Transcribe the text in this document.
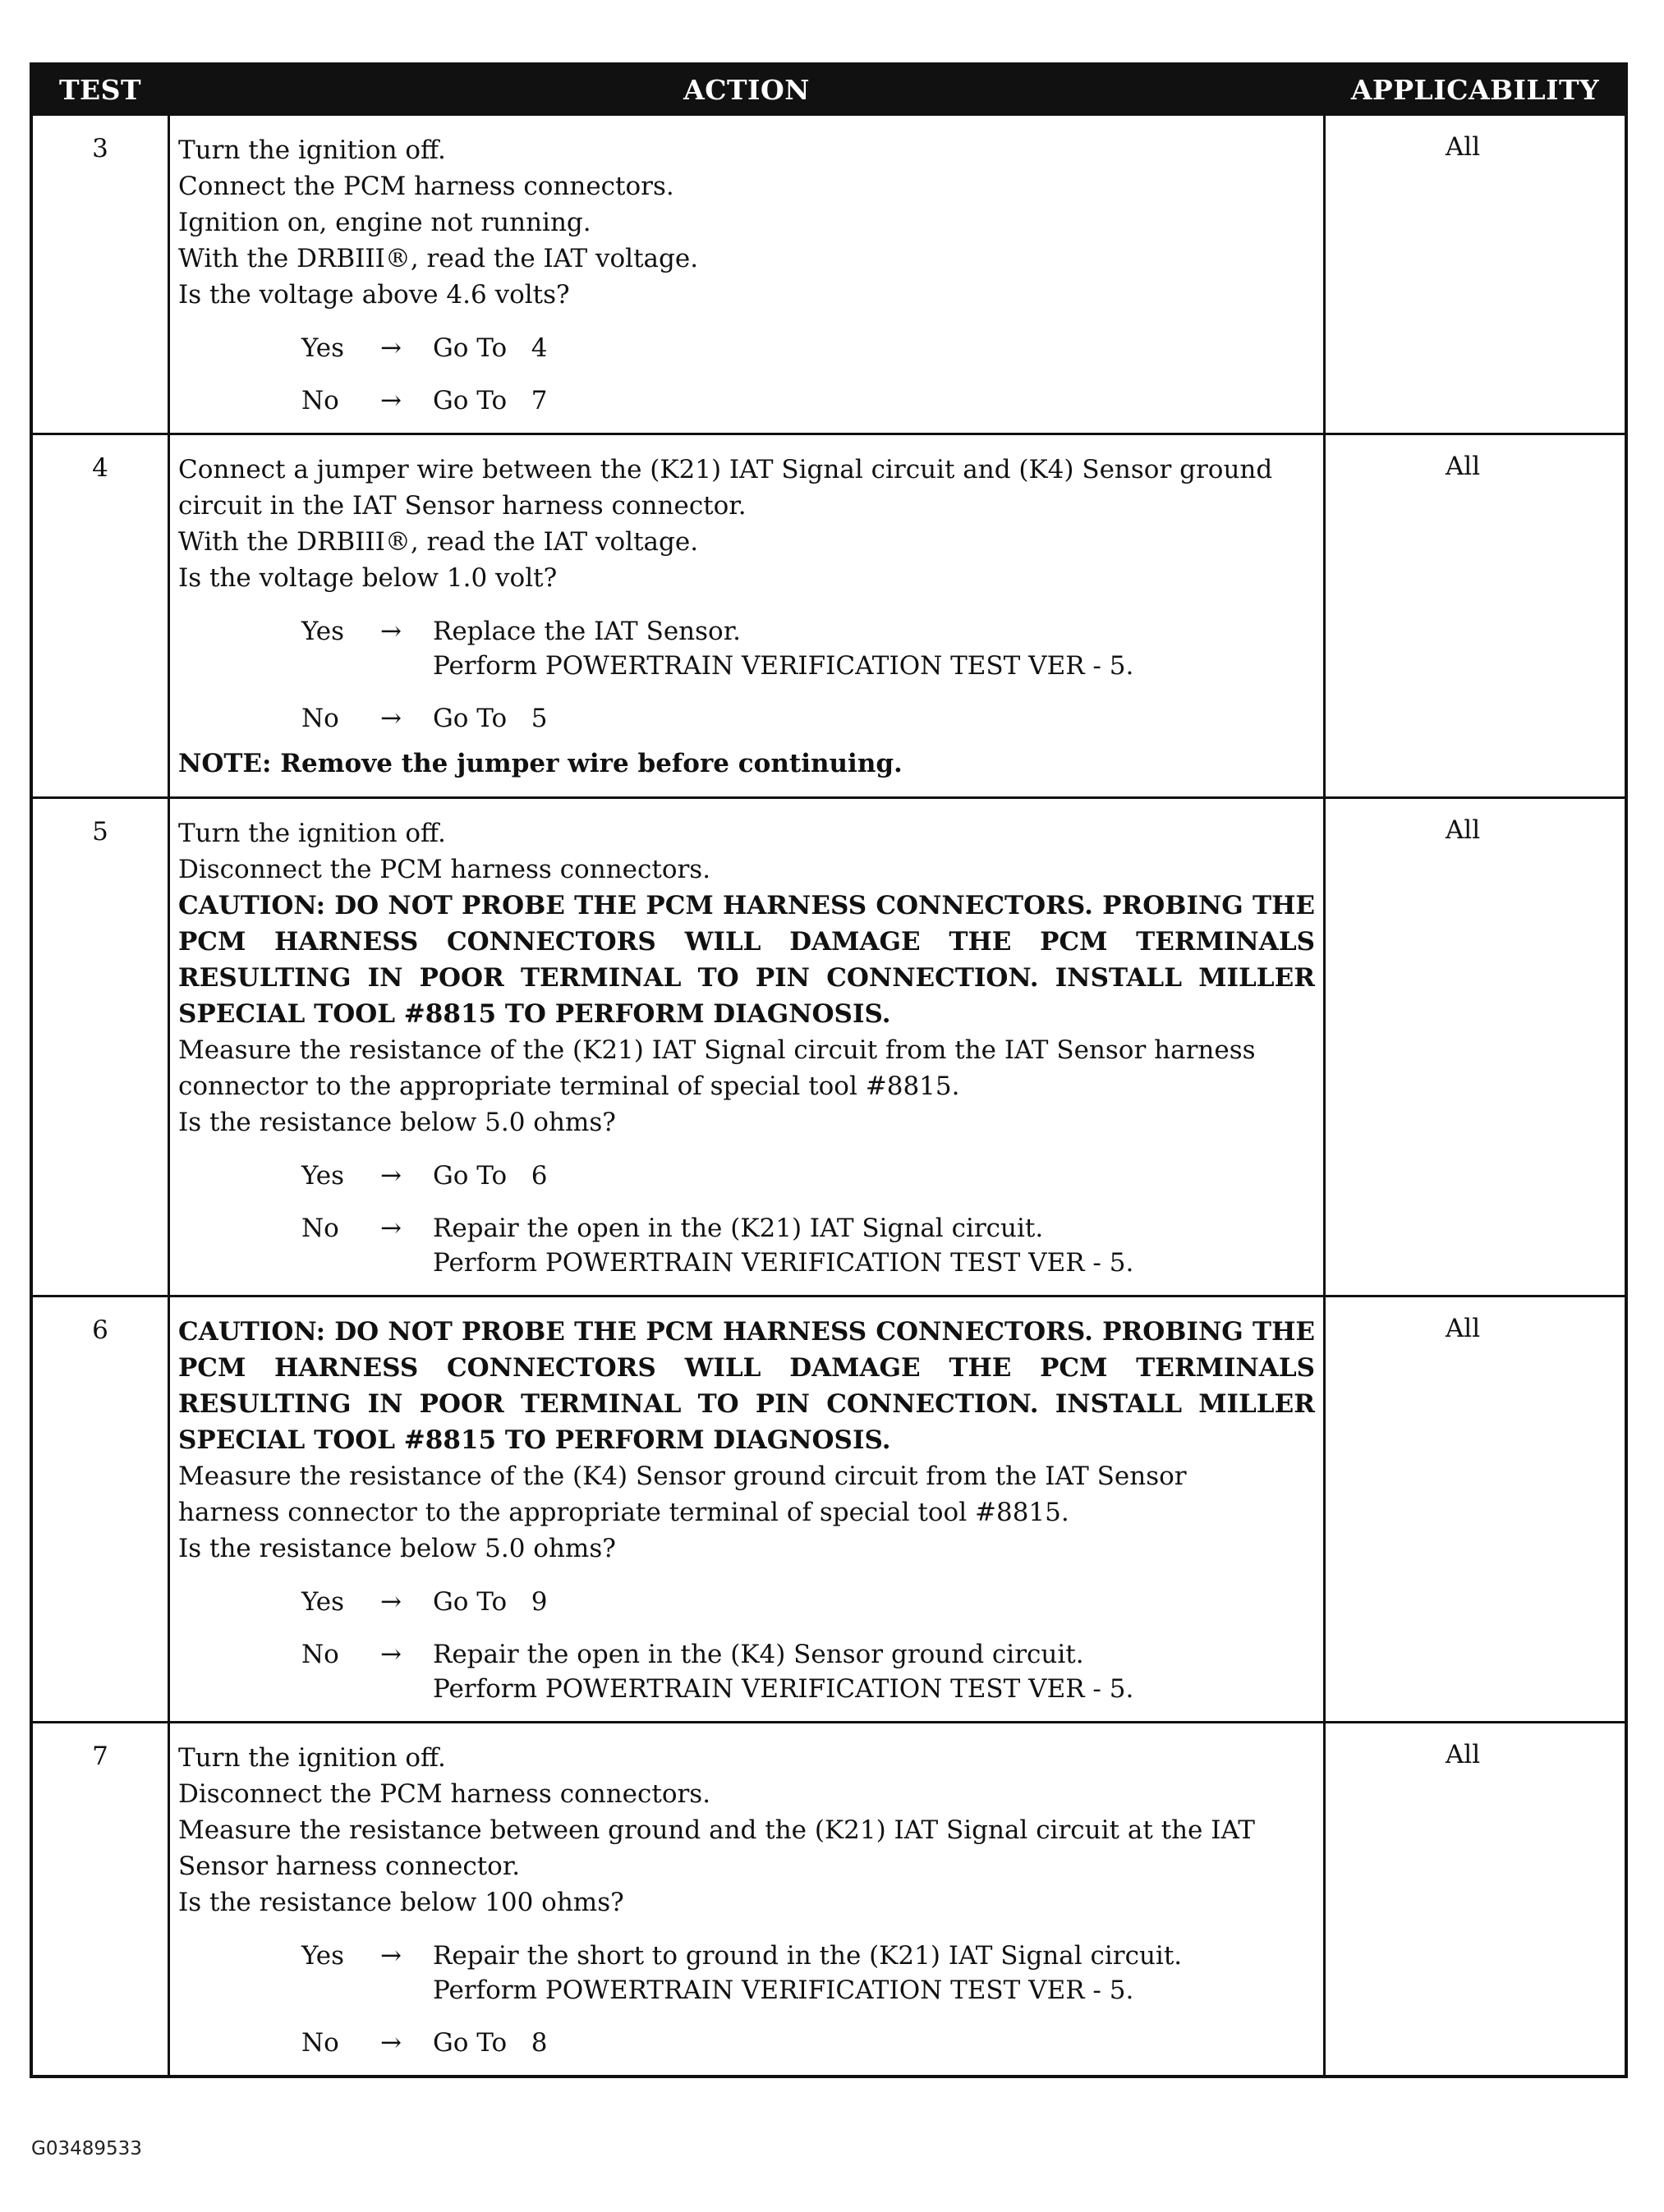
TEST	ACTION	APPLICABILITY
3	Turn the ignition off.
Connect the PCM harness connectors.
Ignition on, engine not running.
With the DRBIII®, read the IAT voltage.
Is the voltage above 4.6 volts?
Yes	→	Go To   4
No	→	Go To   7
All
4	Connect a jumper wire between the (K21) IAT Signal circuit and (K4) Sensor ground
circuit in the IAT Sensor harness connector.
With the DRBIII®, read the IAT voltage.
Is the voltage below 1.0 volt?
Yes	→	Replace the IAT Sensor.
Perform POWERTRAIN VERIFICATION TEST VER - 5.
No	→	Go To   5
NOTE: Remove the jumper wire before continuing.
All
5	Turn the ignition off.
Disconnect the PCM harness connectors.
CAUTION: DO NOT PROBE THE PCM HARNESS CONNECTORS. PROBING THE PCM HARNESS CONNECTORS WILL DAMAGE THE PCM TERMINALS RESULTING IN POOR TERMINAL TO PIN CONNECTION. INSTALL MILLER SPECIAL TOOL #8815 TO PERFORM DIAGNOSIS.
Measure the resistance of the (K21) IAT Signal circuit from the IAT Sensor harness
connector to the appropriate terminal of special tool #8815.
Is the resistance below 5.0 ohms?
Yes	→	Go To   6
No	→	Repair the open in the (K21) IAT Signal circuit.
Perform POWERTRAIN VERIFICATION TEST VER - 5.
All
6	CAUTION: DO NOT PROBE THE PCM HARNESS CONNECTORS. PROBING THE PCM HARNESS CONNECTORS WILL DAMAGE THE PCM TERMINALS RESULTING IN POOR TERMINAL TO PIN CONNECTION. INSTALL MILLER SPECIAL TOOL #8815 TO PERFORM DIAGNOSIS.
Measure the resistance of the (K4) Sensor ground circuit from the IAT Sensor
harness connector to the appropriate terminal of special tool #8815.
Is the resistance below 5.0 ohms?
Yes	→	Go To   9
No	→	Repair the open in the (K4) Sensor ground circuit.
Perform POWERTRAIN VERIFICATION TEST VER - 5.
All
7	Turn the ignition off.
Disconnect the PCM harness connectors.
Measure the resistance between ground and the (K21) IAT Signal circuit at the IAT
Sensor harness connector.
Is the resistance below 100 ohms?
Yes	→	Repair the short to ground in the (K21) IAT Signal circuit.
Perform POWERTRAIN VERIFICATION TEST VER - 5.
No	→	Go To   8
All
G03489533
